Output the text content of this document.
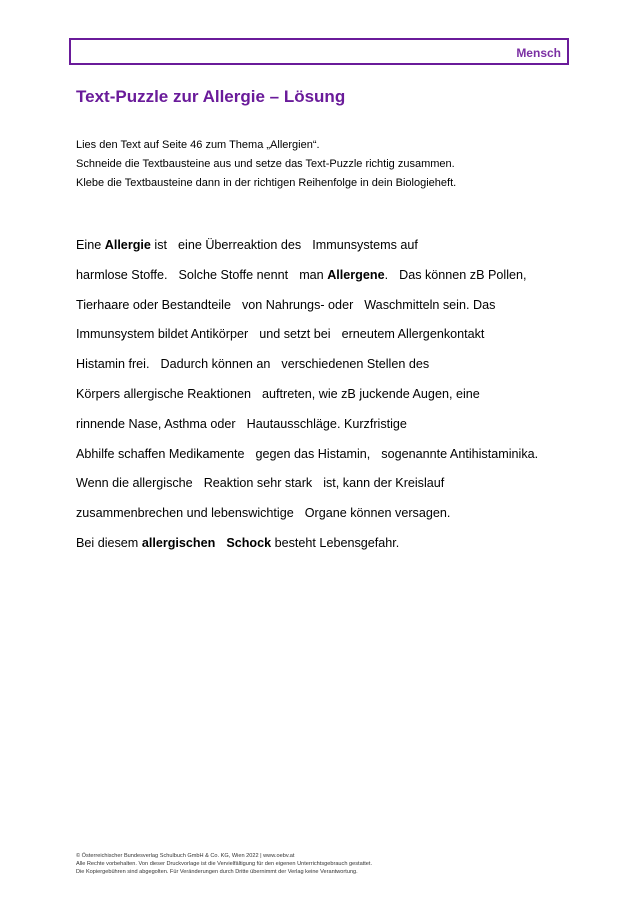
Mensch
Text-Puzzle zur Allergie – Lösung
Lies den Text auf Seite 46 zum Thema „Allergien“.
Schneide die Textbausteine aus und setze das Text-Puzzle richtig zusammen.
Klebe die Textbausteine dann in der richtigen Reihenfolge in dein Biologieheft.
Eine Allergie ist eine Überreaktion des Immunsystems auf
harmlose Stoffe. Solche Stoffe nennt man Allergene. Das können zB Pollen,
Tierhaare oder Bestandteile von Nahrungs- oder Waschmitteln sein. Das
Immunsystem bildet Antikörper und setzt bei erneutem Allergenkontakt
Histamin frei. Dadurch können an verschiedenen Stellen des
Körpers allergische Reaktionen auftreten, wie zB juckende Augen, eine
rinnende Nase, Asthma oder Hautausschläge. Kurzfristige
Abhilfe schaffen Medikamente gegen das Histamin, sogenannte Antihistaminika.
Wenn die allergische Reaktion sehr stark ist, kann der Kreislauf
zusammenbrechen und lebenswichtige Organe können versagen.
Bei diesem allergischen Schock besteht Lebensgefahr.
© Österreichischer Bundesverlag Schulbuch GmbH & Co. KG, Wien 2022 | www.oebv.at
Alle Rechte vorbehalten. Von dieser Druckvorlage ist die Vervielfältigung für den eigenen Unterrichtsgebrauch gestattet.
Die Kopiergebühren sind abgegolten. Für Veränderungen durch Dritte übernimmt der Verlag keine Verantwortung.
